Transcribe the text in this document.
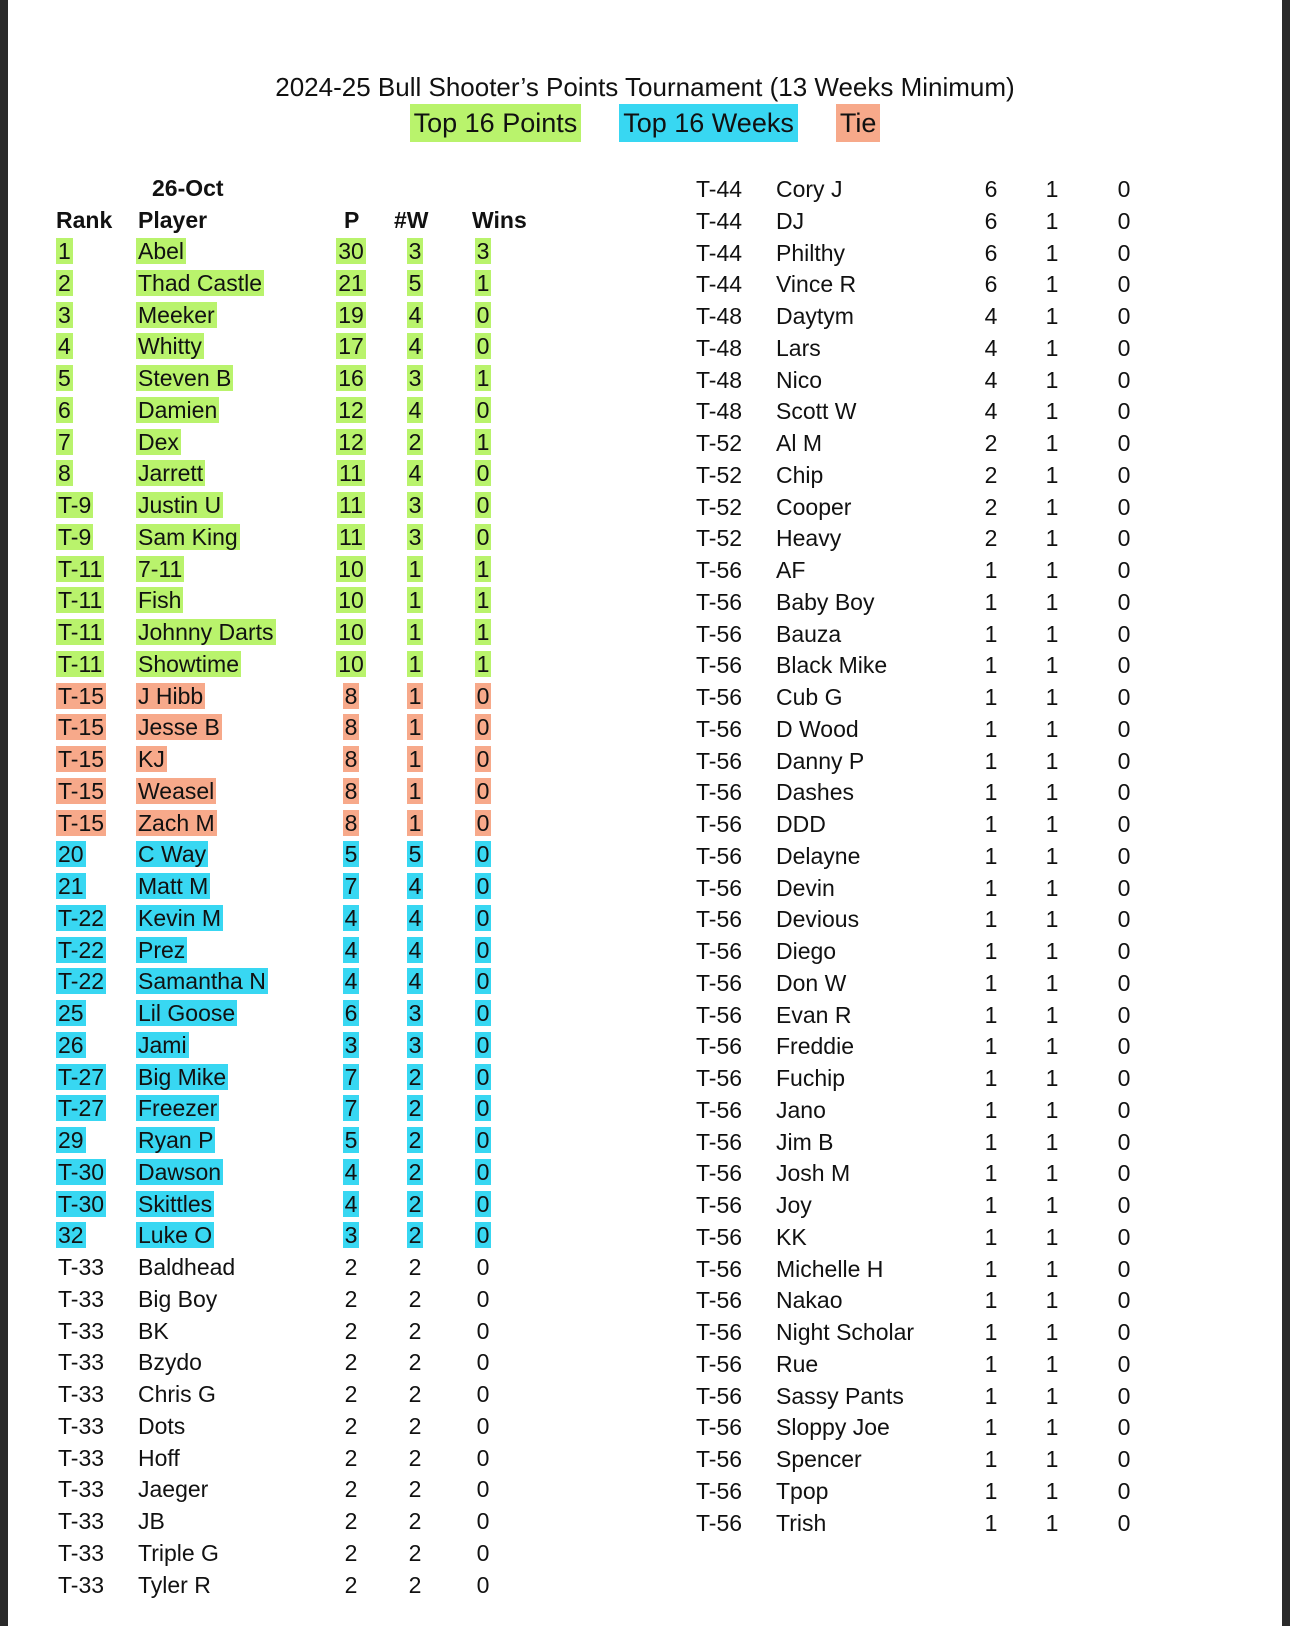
2024-25 Bull Shooter’s Points Tournament (13 Weeks Minimum)
Top 16 Points Top 16 Weeks Tie
26-Oct
Rank Player	P #W Wins
1	Abel	30	3	3
2	Thad Castle	21	5	1
3	Meeker	19	4	0
4	Whitty	17	4	0
5	Steven B	16	3	1
6	Damien	12	4	0
7	Dex	12	2	1
8	Jarrett	11	4	0
T-9 Justin U	11	3	0
T-9 Sam King	11	3	0
T-11 7-11	10	1	1
T-11 Fish	10	1	1
T-11 Johnny Darts	10	1	1
T-11 Showtime	10	1	1
T-15 J Hibb	8	1	0
T-15 Jesse B	8	1	0
T-15 KJ	8	1	0
T-15 Weasel	8	1	0
T-15 Zach M	8	1	0
20 C Way	5	5	0
21 Matt M	7	4	0
T-22 Kevin M	4	4	0
T-22 Prez	4	4	0
T-22 Samantha N	4	4	0
25 Lil Goose	6	3	0
26 Jami	3	3	0
T-27 Big Mike	7	2	0
T-27 Freezer	7	2	0
29 Ryan P	5	2	0
T-30 Dawson	4	2	0
T-30 Skittles	4	2	0
32 Luke O	3	2	0
T-33 Baldhead	2	2	0
T-33 Big Boy	2	2	0
T-33 BK	2	2	0
T-33 Bzydo	2	2	0
T-33 Chris G	2	2	0
T-33 Dots	2	2	0
T-33 Hoff	2	2	0
T-33 Jaeger	2	2	0
T-33 JB	2	2	0
T-33 Triple G	2	2	0
T-33 Tyler R	2	2	0
T-44 Cory J	6	1	0
T-44 DJ	6	1	0
T-44 Philthy	6	1	0
T-44 Vince R	6	1	0
T-48 Daytym	4	1	0
T-48 Lars	4	1	0
T-48 Nico	4	1	0
T-48 Scott W	4	1	0
T-52 Al M	2	1	0
T-52 Chip	2	1	0
T-52 Cooper	2	1	0
T-52 Heavy	2	1	0
T-56 AF	1	1	0
T-56 Baby Boy	1	1	0
T-56 Bauza	1	1	0
T-56 Black Mike	1	1	0
T-56 Cub G	1	1	0
T-56 D Wood	1	1	0
T-56 Danny P	1	1	0
T-56 Dashes	1	1	0
T-56 DDD	1	1	0
T-56 Delayne	1	1	0
T-56 Devin	1	1	0
T-56 Devious	1	1	0
T-56 Diego	1	1	0
T-56 Don W	1	1	0
T-56 Evan R	1	1	0
T-56 Freddie	1	1	0
T-56 Fuchip	1	1	0
T-56 Jano	1	1	0
T-56 Jim B	1	1	0
T-56 Josh M	1	1	0
T-56 Joy	1	1	0
T-56 KK	1	1	0
T-56 Michelle H	1	1	0
T-56 Nakao	1	1	0
T-56 Night Scholar	1	1	0
T-56 Rue	1	1	0
T-56 Sassy Pants	1	1	0
T-56 Sloppy Joe	1	1	0
T-56 Spencer	1	1	0
T-56 Tpop	1	1	0
T-56 Trish	1	1	0
